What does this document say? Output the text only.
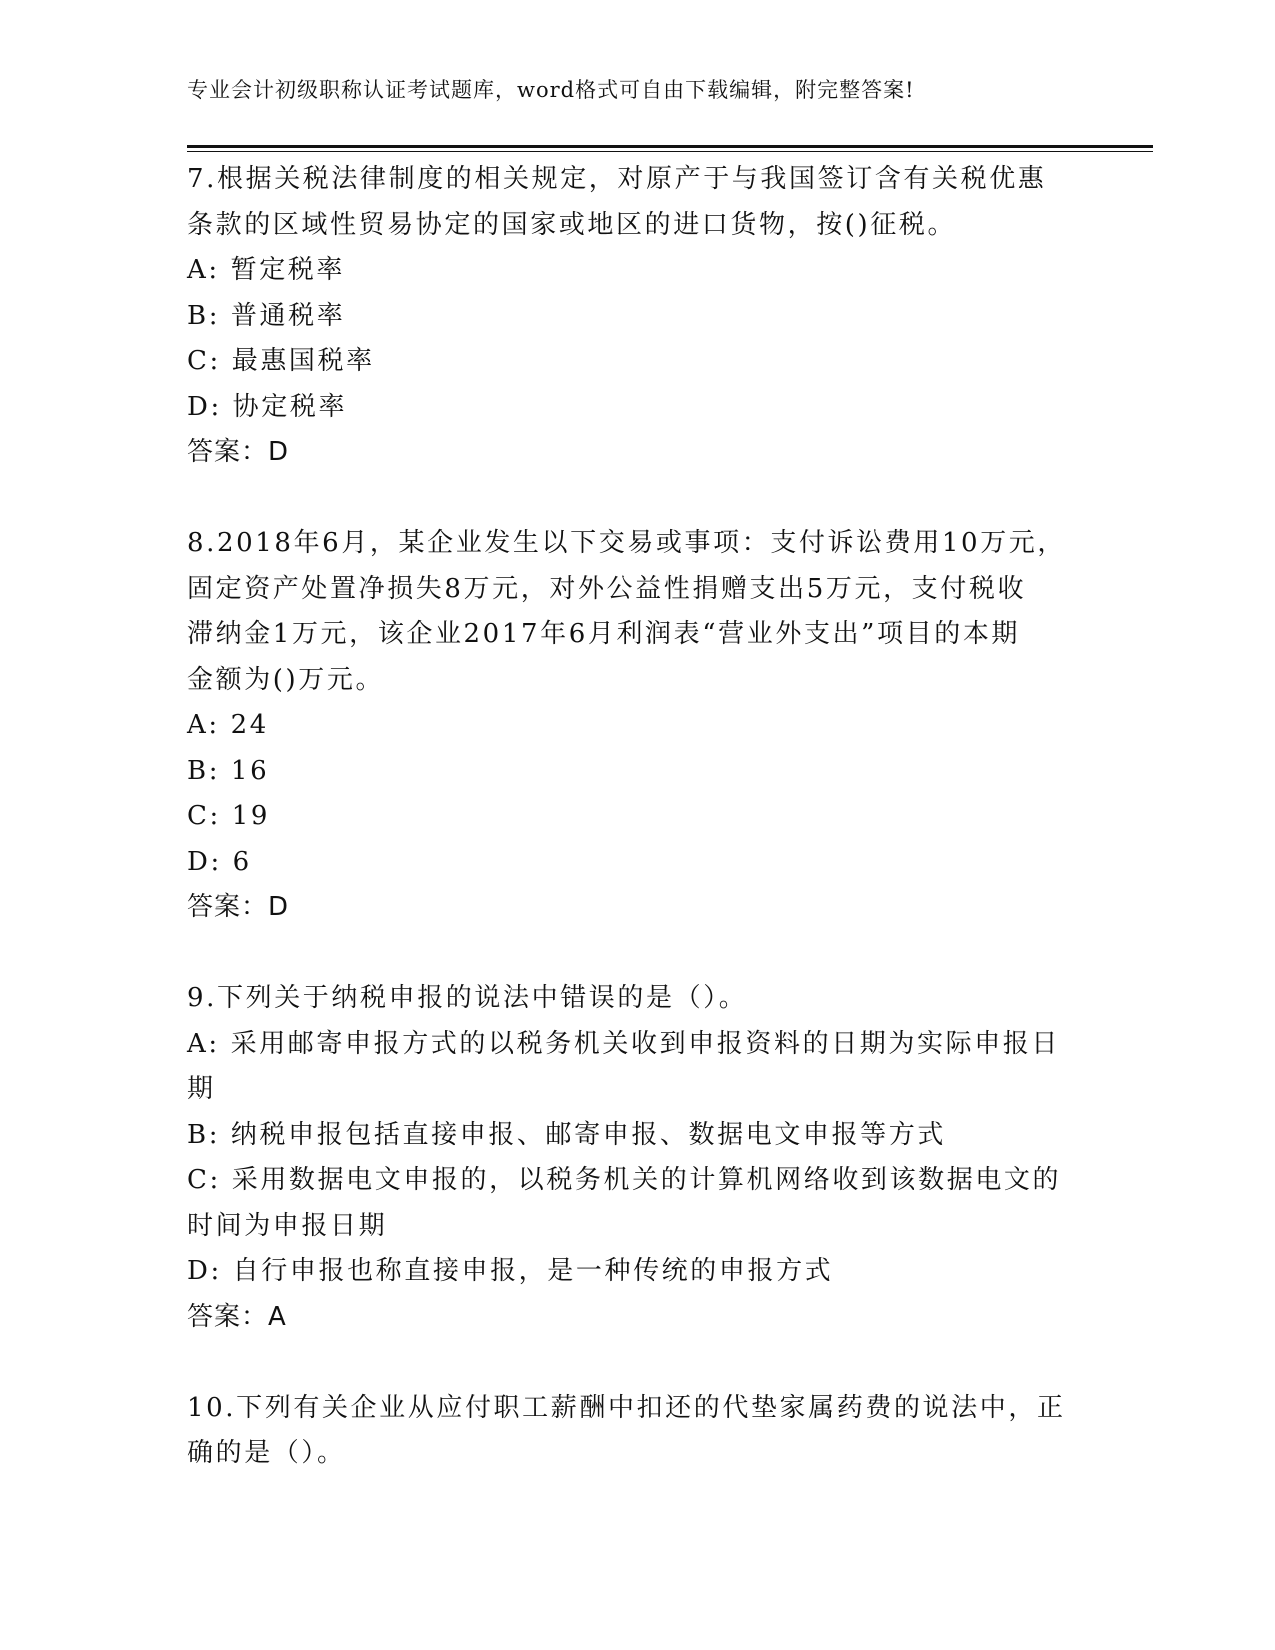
专业会计初级职称认证考试题库，word格式可自由下载编辑，附完整答案!
7.根据关税法律制度的相关规定，对原产于与我国签订含有关税优惠
条款的区域性贸易协定的国家或地区的进口货物，按()征税。
A: 暂定税率
B: 普通税率
C: 最惠国税率
D: 协定税率
答案：D
8.2018年6月，某企业发生以下交易或事项：支付诉讼费用10万元，
固定资产处置净损失8万元，对外公益性捐赠支出5万元，支付税收
滞纳金1万元，该企业2017年6月利润表“营业外支出”项目的本期
金额为()万元。
A: 24
B: 16
C: 19
D: 6
答案：D
9.下列关于纳税申报的说法中错误的是（）。
A: 采用邮寄申报方式的以税务机关收到申报资料的日期为实际申报日
期
B: 纳税申报包括直接申报、邮寄申报、数据电文申报等方式
C: 采用数据电文申报的，以税务机关的计算机网络收到该数据电文的
时间为申报日期
D: 自行申报也称直接申报，是一种传统的申报方式
答案：A
10.下列有关企业从应付职工薪酬中扣还的代垫家属药费的说法中，正
确的是（）。
